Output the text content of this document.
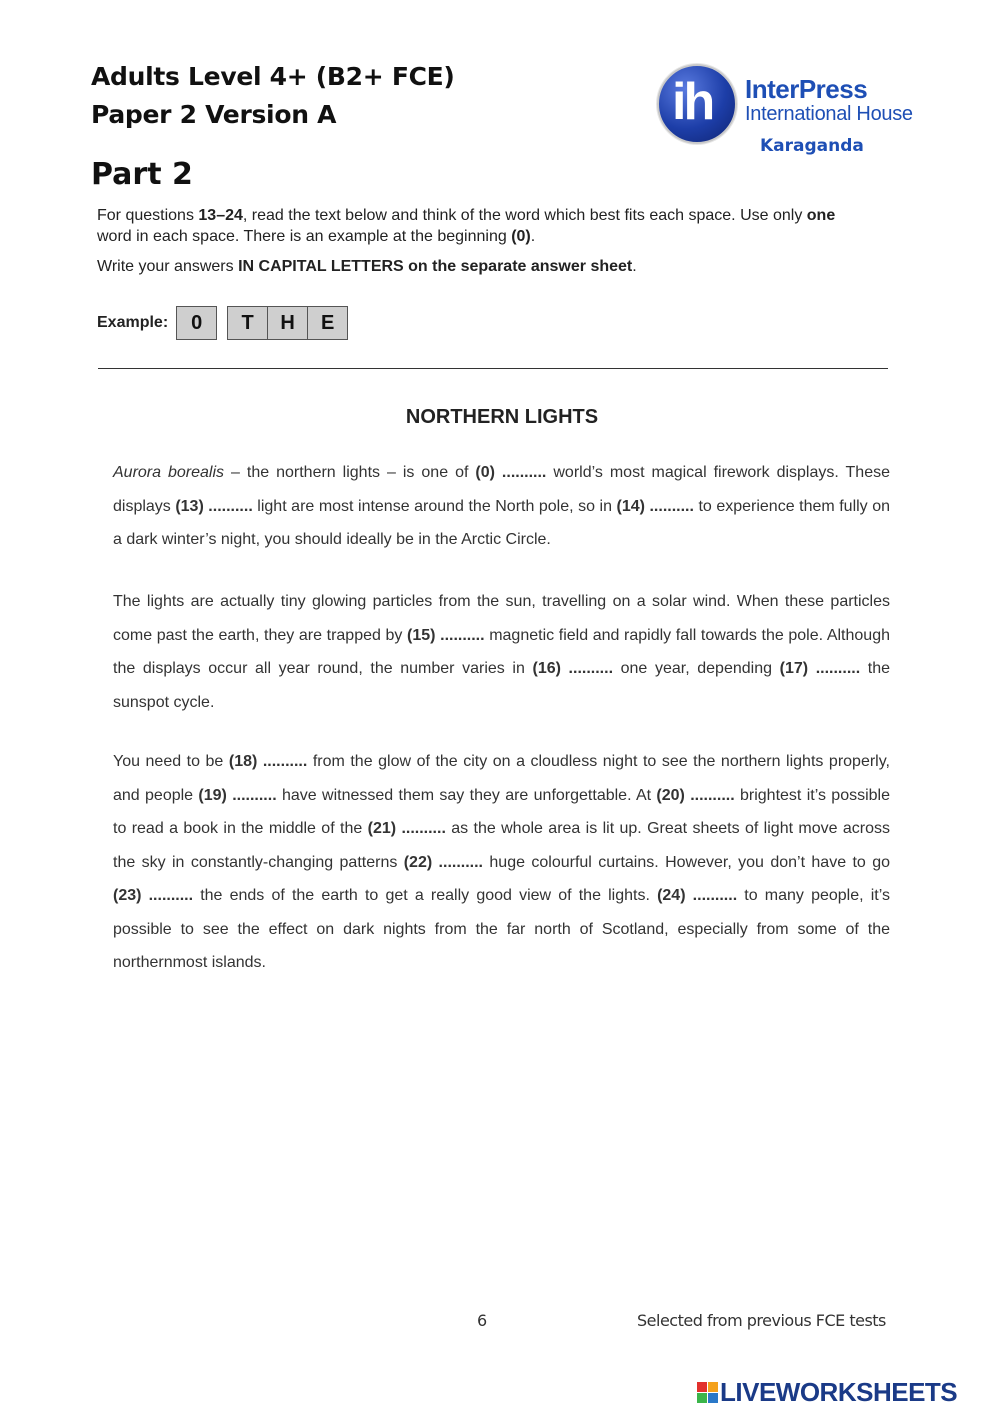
Adults Level 4+ (B2+ FCE)
Paper 2 Version A
Part 2
ih InterPress
International House
Karaganda
For questions 13–24, read the text below and think of the word which best fits each space. Use only one word in each space. There is an example at the beginning (0).
Write your answers IN CAPITAL LETTERS on the separate answer sheet.
Example:	0	T	H	E
NORTHERN LIGHTS
Aurora borealis – the northern lights – is one of (0) .......... world’s most magical firework displays. These displays (13) .......... light are most intense around the North pole, so in (14) .......... to experience them fully on a dark winter’s night, you should ideally be in the Arctic Circle.
The lights are actually tiny glowing particles from the sun, travelling on a solar wind. When these particles come past the earth, they are trapped by (15) .......... magnetic field and rapidly fall towards the pole. Although the displays occur all year round, the number varies in (16) .......... one year, depending (17) .......... the sunspot cycle.
You need to be (18) .......... from the glow of the city on a cloudless night to see the northern lights properly, and people (19) .......... have witnessed them say they are unforgettable. At (20) .......... brightest it’s possible to read a book in the middle of the (21) .......... as the whole area is lit up. Great sheets of light move across the sky in constantly-changing patterns (22) .......... huge colourful curtains. However, you don’t have to go (23) .......... the ends of the earth to get a really good view of the lights. (24) .......... to many people, it’s possible to see the effect on dark nights from the far north of Scotland, especially from some of the northernmost islands.
6	Selected from previous FCE tests
LIVEWORKSHEETS
